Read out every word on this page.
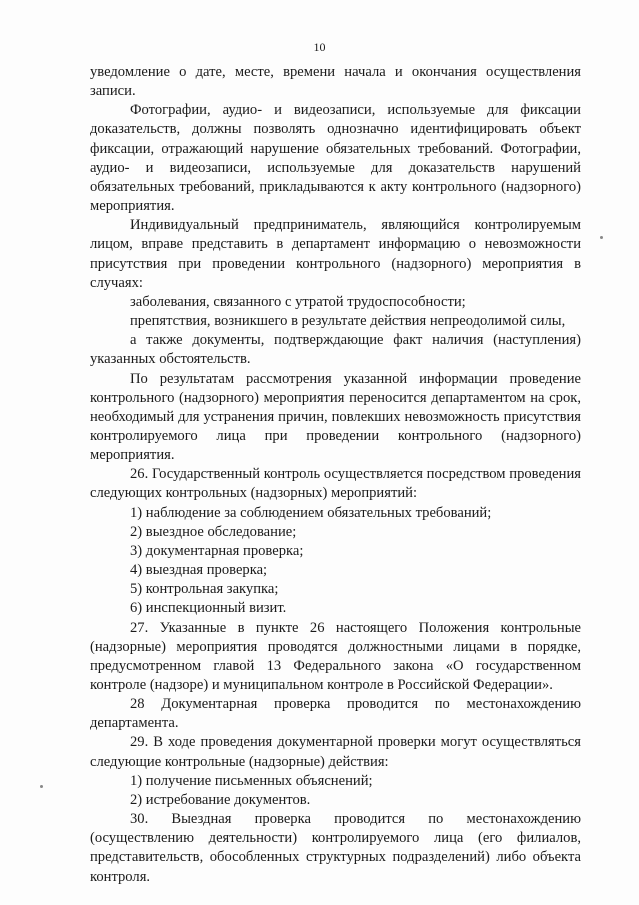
10

уведомление о дате, месте, времени начала и окончания осуществления записи.

Фотографии, аудио- и видеозаписи, используемые для фиксации доказательств, должны позволять однозначно идентифицировать объект фиксации, отражающий нарушение обязательных требований. Фотографии, аудио- и видеозаписи, используемые для доказательств нарушений обязательных требований, прикладываются к акту контрольного (надзорного) мероприятия.

Индивидуальный предприниматель, являющийся контролируемым лицом, вправе представить в департамент информацию о невозможности присутствия при проведении контрольного (надзорного) мероприятия в случаях:

заболевания, связанного с утратой трудоспособности;

препятствия, возникшего в результате действия непреодолимой силы,

а также документы, подтверждающие факт наличия (наступления) указанных обстоятельств.

По результатам рассмотрения указанной информации проведение контрольного (надзорного) мероприятия переносится департаментом на срок, необходимый для устранения причин, повлекших невозможность присутствия контролируемого лица при проведении контрольного (надзорного) мероприятия.

26. Государственный контроль осуществляется посредством проведения следующих контрольных (надзорных) мероприятий:

1) наблюдение за соблюдением обязательных требований;

2) выездное обследование;

3) документарная проверка;

4) выездная проверка;

5) контрольная закупка;

6) инспекционный визит.

27. Указанные в пункте 26 настоящего Положения контрольные (надзорные) мероприятия проводятся должностными лицами в порядке, предусмотренном главой 13 Федерального закона «О государственном контроле (надзоре) и муниципальном контроле в Российской Федерации».

28 Документарная проверка проводится по местонахождению департамента.

29. В ходе проведения документарной проверки могут осуществляться следующие контрольные (надзорные) действия:

1) получение письменных объяснений;

2) истребование документов.

30. Выездная проверка проводится по местонахождению (осуществлению деятельности) контролируемого лица (его филиалов, представительств, обособленных структурных подразделений) либо объекта контроля.
